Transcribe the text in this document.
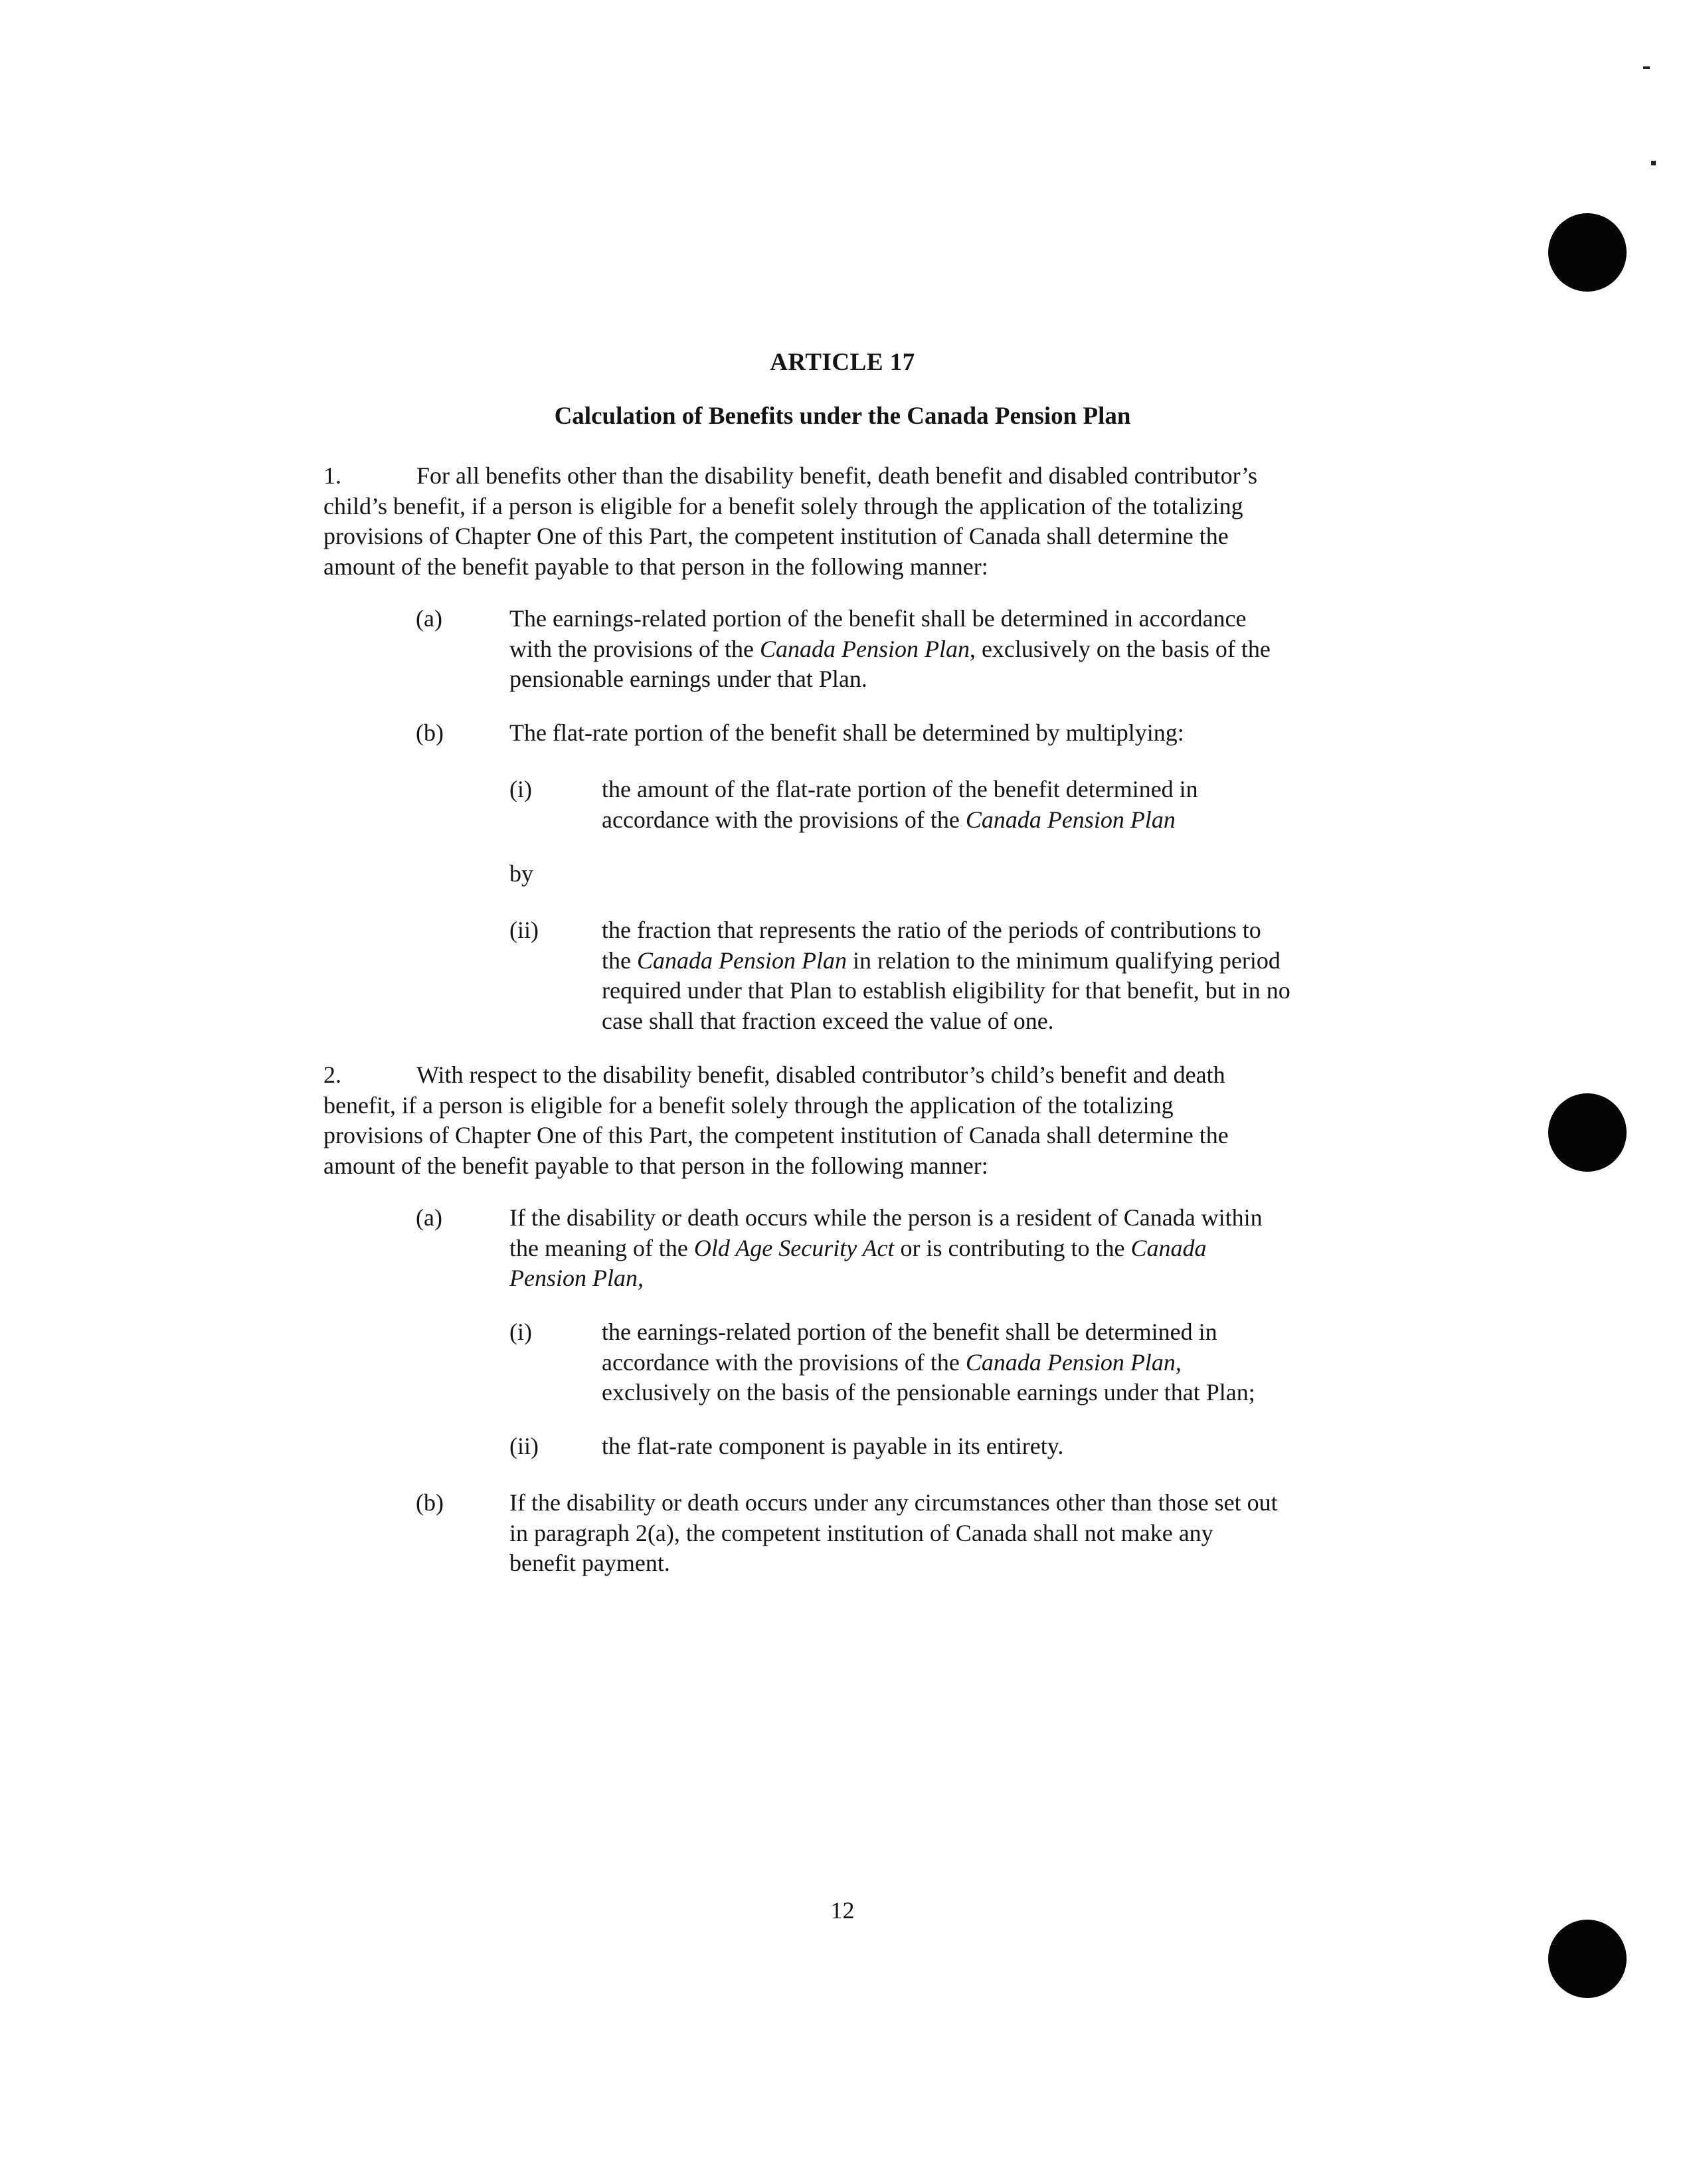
ARTICLE 17
Calculation of Benefits under the Canada Pension Plan

1.	For all benefits other than the disability benefit, death benefit and disabled contributor’s

child’s benefit, if a person is eligible for a benefit solely through the application of the totalizing

provisions of Chapter One of this Part, the competent institution of Canada shall determine the

amount of the benefit payable to that person in the following manner:

(a)	The earnings-related portion of the benefit shall be determined in accordance

with the provisions of the Canada Pension Plan, exclusively on the basis of the

pensionable earnings under that Plan.

(b)	The flat-rate portion of the benefit shall be determined by multiplying:

(i)	the amount of the flat-rate portion of the benefit determined in

accordance with the provisions of the Canada Pension Plan

by
(ii)	the fraction that represents the ratio of the periods of contributions to

the Canada Pension Plan in relation to the minimum qualifying period

required under that Plan to establish eligibility for that benefit, but in no

case shall that fraction exceed the value of one.

2.	With respect to the disability benefit, disabled contributor’s child’s benefit and death

benefit, if a person is eligible for a benefit solely through the application of the totalizing

provisions of Chapter One of this Part, the competent institution of Canada shall determine the

amount of the benefit payable to that person in the following manner:

(a)	If the disability or death occurs while the person is a resident of Canada within

the meaning of the Old Age Security Act or is contributing to the Canada

Pension Plan,

(i)	the earnings-related portion of the benefit shall be determined in

accordance with the provisions of the Canada Pension Plan,

exclusively on the basis of the pensionable earnings under that Plan;

(ii)	the flat-rate component is payable in its entirety.

(b)	If the disability or death occurs under any circumstances other than those set out

in paragraph 2(a), the competent institution of Canada shall not make any

benefit payment.

12
